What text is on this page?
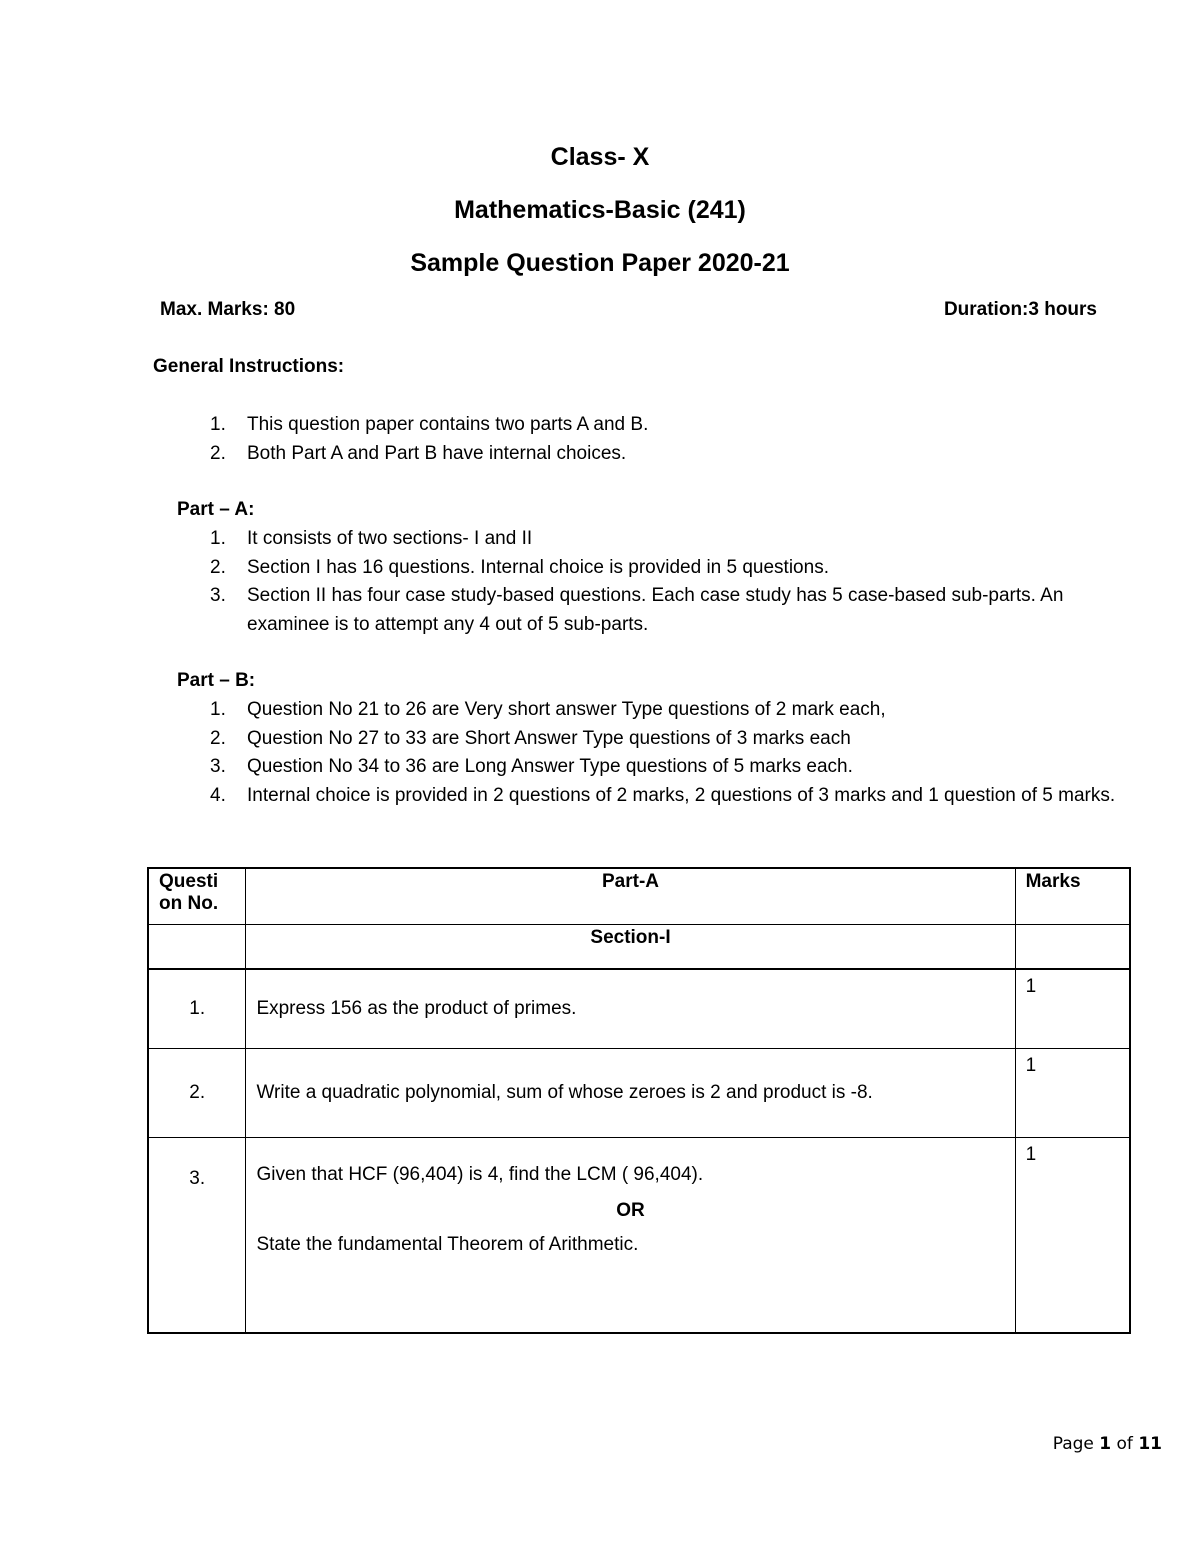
Class- X
Mathematics-Basic (241)
Sample Question Paper 2020-21
Max. Marks: 80	Duration:3 hours
General Instructions:
1. This question paper contains two parts A and B.
2. Both Part A and Part B have internal choices.
Part – A:
1. It consists of two sections- I and II
2. Section I has 16 questions. Internal choice is provided in 5 questions.
3. Section II has four case study-based questions. Each case study has 5 case-based sub-parts. An examinee is to attempt any 4 out of 5 sub-parts.
Part – B:
1. Question No 21 to 26 are Very short answer Type questions of 2 mark each,
2. Question No 27 to 33 are Short Answer Type questions of 3 marks each
3. Question No 34 to 36 are Long Answer Type questions of 5 marks each.
4. Internal choice is provided in 2 questions of 2 marks, 2 questions of 3 marks and 1 question of 5 marks.
Questi on No.	Part-A	Marks
	Section-I	
1.	Express 156 as the product of primes.	1
2.	Write a quadratic polynomial, sum of whose zeroes is 2 and product is -8.	1
3.	Given that HCF (96,404) is 4, find the LCM ( 96,404).
OR
State the fundamental Theorem of Arithmetic.	1
Page 1 of 11
